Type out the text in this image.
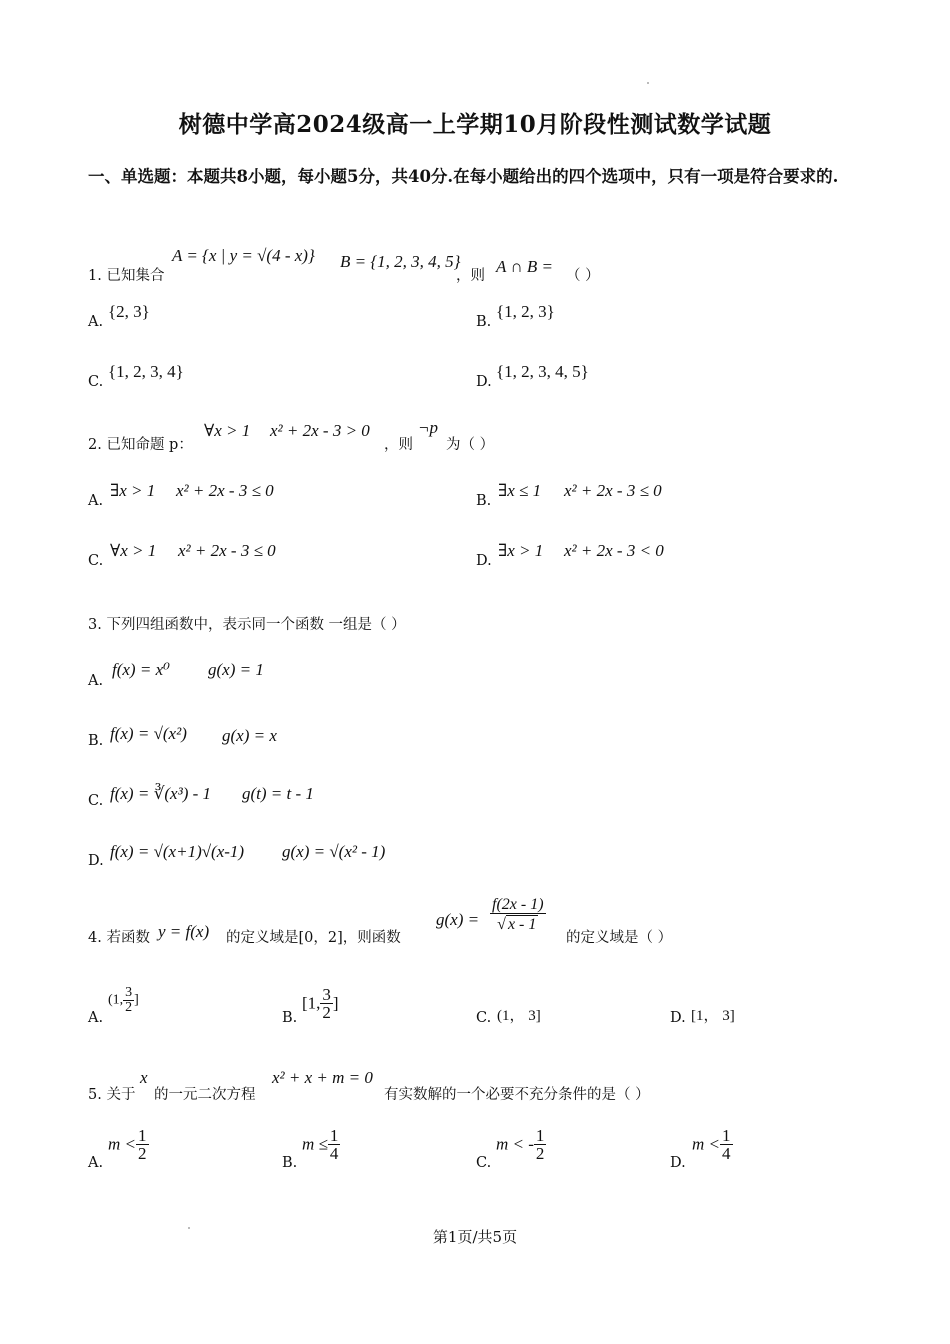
树德中学高2024级高一上学期10月阶段性测试数学试题
一、单选题：本题共8小题，每小题5分，共40分.在每小题给出的四个选项中，只有一项是符合要求的.
1. 已知集合
A = {x | y = √(4 - x)} B = {1, 2, 3, 4, 5}
，则 A ∩ B = （ ）
A.
{2, 3}
B.
{1, 2, 3}
C.
{1, 2, 3, 4}
D.
{1, 2, 3, 4, 5}
2. 已知命题 p：
∀x > 1 x² + 2x - 3 > 0
，则
¬p
为（ ）
A.
∃x > 1 x² + 2x - 3 ≤ 0
B.
∃x ≤ 1 x² + 2x - 3 ≤ 0
C.
∀x > 1 x² + 2x - 3 ≤ 0
D.
∃x > 1 x² + 2x - 3 < 0
3. 下列四组函数中，表示同一个函数 一组是（ ）
A.
f(x) = x⁰ g(x) = 1
B. f(x) = √(x²) g(x) = x
C. f(x) = ∛(x³) - 1 g(t) = t - 1
D. f(x) = √(x+1)√(x-1) g(x) = √(x² - 1)
4. 若函数 y = f(x) 的定义域是[0，2]，则函数
$g(x) = \frac{f(2x - 1)}{√ x - 1}$
的定义域是（ ）
A.
(1, $\frac{3}{2}$ ]
B.
[1, $\frac{3}{2}$ ]
C. (1， 3]	D. [1， 3]
5. 关于
x
的一元二次方程
x² + x + m = 0
有实数解的一个必要不充分条件的是（ ）
A.
$m < \frac{1}{2}$
B.
$m \le \frac{1}{4}$
C.
m < - $\frac{1}{2}$
D.
$m < \frac{1}{4}$
第1页/共5页
